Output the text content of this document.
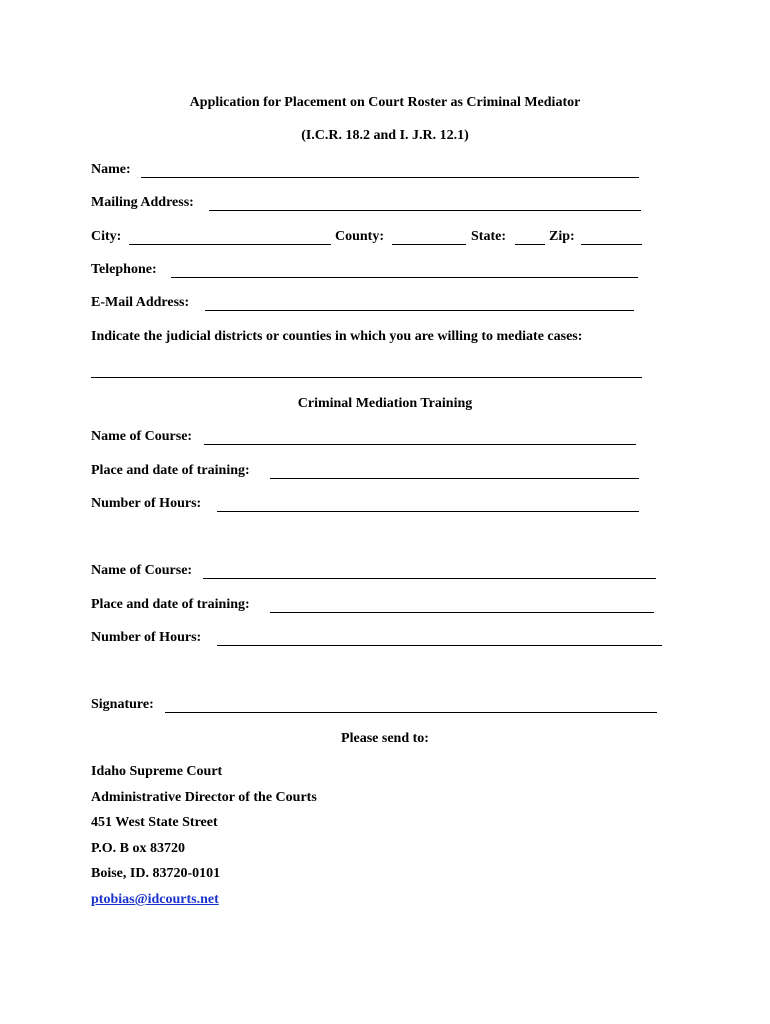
Application for Placement on Court Roster as Criminal Mediator
(I.C.R. 18.2 and I. J.R. 12.1)
Name:
Mailing Address:
City:	County:	State:	Zip:
Telephone:
E-Mail Address:
Indicate the judicial districts or counties in which you are willing to mediate cases:
Criminal Mediation Training
Name of Course:
Place and date of training:
Number of Hours:
Name of Course:
Place and date of training:
Number of Hours:
Signature:
Please send to:
Idaho Supreme Court
Administrative Director of the Courts
451 West State Street
P.O. B ox 83720
Boise, ID. 83720-0101
ptobias@idcourts.net
